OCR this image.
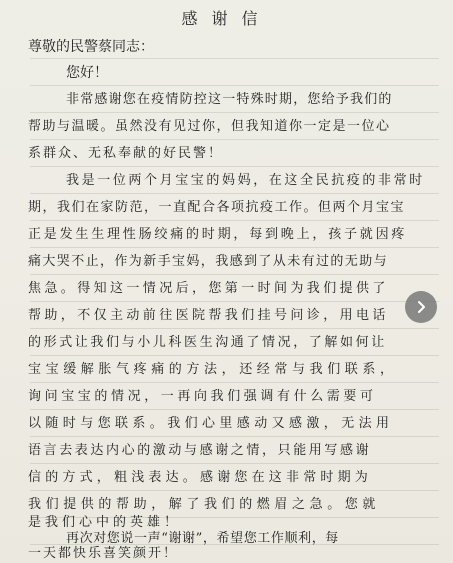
感谢信
尊敬的民警蔡同志：
您好！
非常感谢您在疫情防控这一特殊时期，您给予我们的
帮助与温暖。虽然没有见过你，但我知道你一定是一位心
系群众、无私奉献的好民警！
我是一位两个月宝宝的妈妈，在这全民抗疫的非常时
期，我们在家防范，一直配合各项抗疫工作。但两个月宝宝
正是发生生理性肠绞痛的时期，每到晚上，孩子就因疼
痛大哭不止，作为新手宝妈，我感到了从未有过的无助与
焦急。得知这一情况后，您第一时间为我们提供了
帮助，不仅主动前往医院帮我们挂号问诊，用电话
的形式让我们与小儿科医生沟通了情况，了解如何让
宝宝缓解胀气疼痛的方法，还经常与我们联系，
询问宝宝的情况，一再向我们强调有什么需要可
以随时与您联系。我们心里感动又感激，无法用
语言去表达内心的激动与感谢之情，只能用写感谢
信的方式，粗浅表达。感谢您在这非常时期为
我们提供的帮助，解了我们的燃眉之急。您就
是我们心中的英雄！
再次对您说一声“谢谢”，希望您工作顺利，每
一天都快乐喜笑颜开！
